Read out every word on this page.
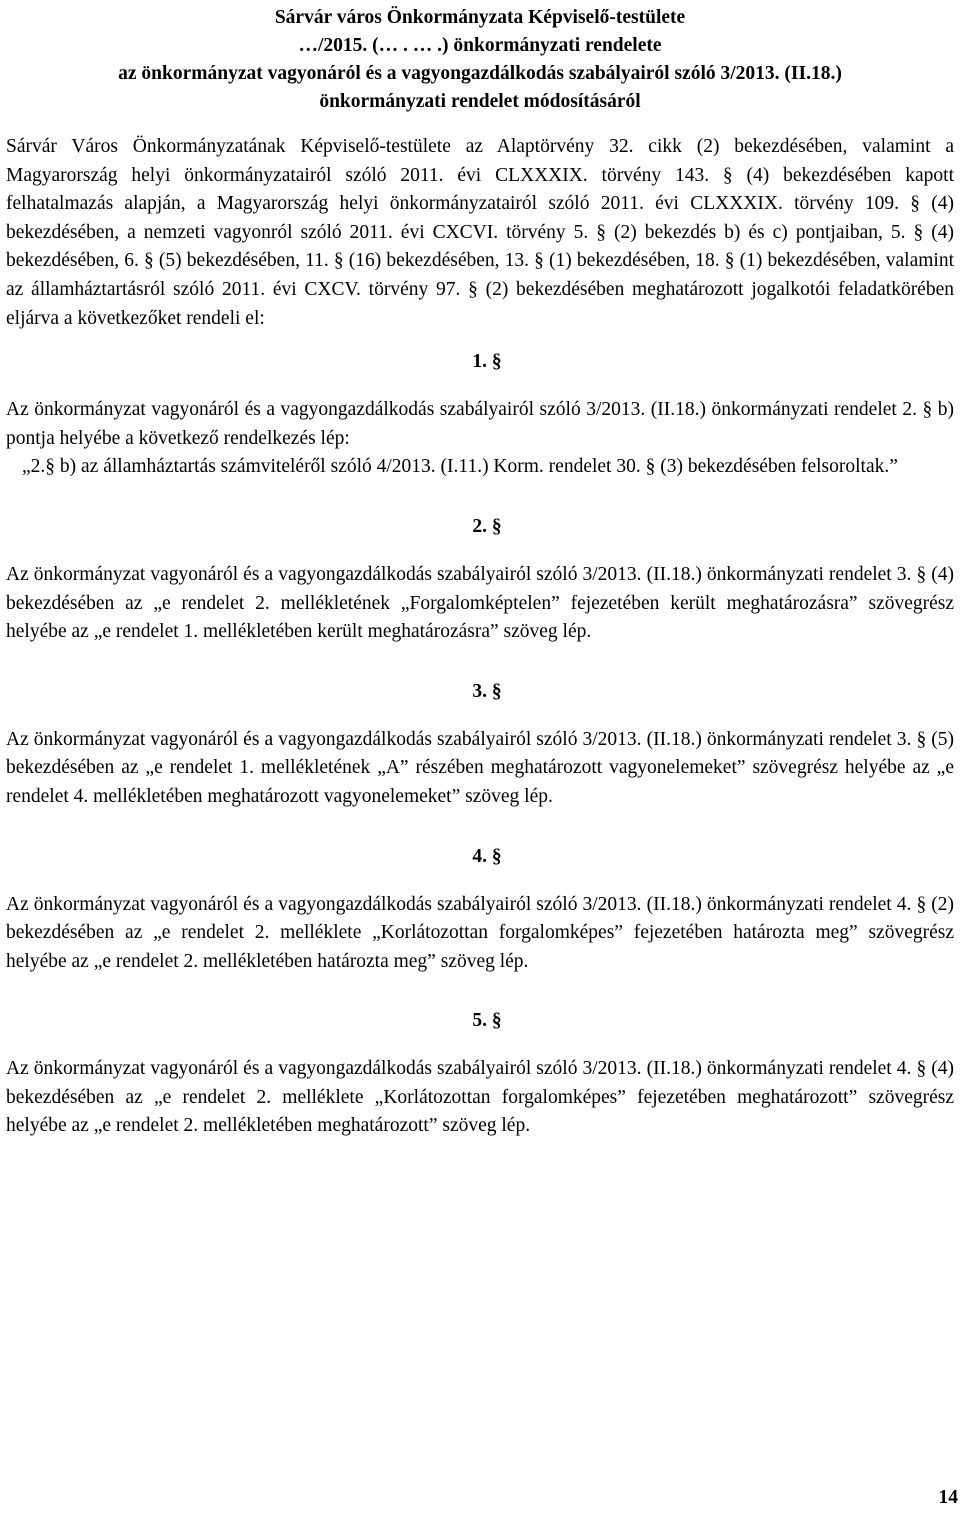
Sárvár város Önkormányzata Képviselő-testülete
…/2015. (… . … .) önkormányzati rendelete
az önkormányzat vagyonáról és a vagyongazdálkodás szabályairól szóló 3/2013. (II.18.)
önkormányzati rendelet módosításáról

Sárvár Város Önkormányzatának Képviselő-testülete az Alaptörvény 32. cikk (2) bekezdésében, valamint a Magyarország helyi önkormányzatairól szóló 2011. évi CLXXXIX. törvény 143. § (4) bekezdésében kapott felhatalmazás alapján, a Magyarország helyi önkormányzatairól szóló 2011. évi CLXXXIX. törvény 109. § (4) bekezdésében, a nemzeti vagyonról szóló 2011. évi CXCVI. törvény 5. § (2) bekezdés b) és c) pontjaiban, 5. § (4) bekezdésében, 6. § (5) bekezdésében, 11. § (16) bekezdésében, 13. § (1) bekezdésében, 18. § (1) bekezdésében, valamint az államháztartásról szóló 2011. évi CXCV. törvény 97. § (2) bekezdésében meghatározott jogalkotói feladatkörében eljárva a következőket rendeli el:

1. §

Az önkormányzat vagyonáról és a vagyongazdálkodás szabályairól szóló 3/2013. (II.18.) önkormányzati rendelet 2. § b) pontja helyébe a következő rendelkezés lép:

„2.§ b) az államháztartás számviteléről szóló 4/2013. (I.11.) Korm. rendelet 30. § (3) bekezdésében felsoroltak.”

2. §

Az önkormányzat vagyonáról és a vagyongazdálkodás szabályairól szóló 3/2013. (II.18.) önkormányzati rendelet 3. § (4) bekezdésében az „e rendelet 2. mellékletének „Forgalomképtelen” fejezetében került meghatározásra” szövegrész helyébe az „e rendelet 1. mellékletében került meghatározásra” szöveg lép.

3. §

Az önkormányzat vagyonáról és a vagyongazdálkodás szabályairól szóló 3/2013. (II.18.) önkormányzati rendelet 3. § (5) bekezdésében az „e rendelet 1. mellékletének „A” részében meghatározott vagyonelemeket” szövegrész helyébe az „e rendelet 4. mellékletében meghatározott vagyonelemeket” szöveg lép.

4. §

Az önkormányzat vagyonáról és a vagyongazdálkodás szabályairól szóló 3/2013. (II.18.) önkormányzati rendelet 4. § (2) bekezdésében az „e rendelet 2. melléklete „Korlátozottan forgalomképes” fejezetében határozta meg” szövegrész helyébe az „e rendelet 2. mellékletében határozta meg” szöveg lép.

5. §

Az önkormányzat vagyonáról és a vagyongazdálkodás szabályairól szóló 3/2013. (II.18.) önkormányzati rendelet 4. § (4) bekezdésében az „e rendelet 2. melléklete „Korlátozottan forgalomképes” fejezetében meghatározott” szövegrész helyébe az „e rendelet 2. mellékletében meghatározott” szöveg lép.

14
